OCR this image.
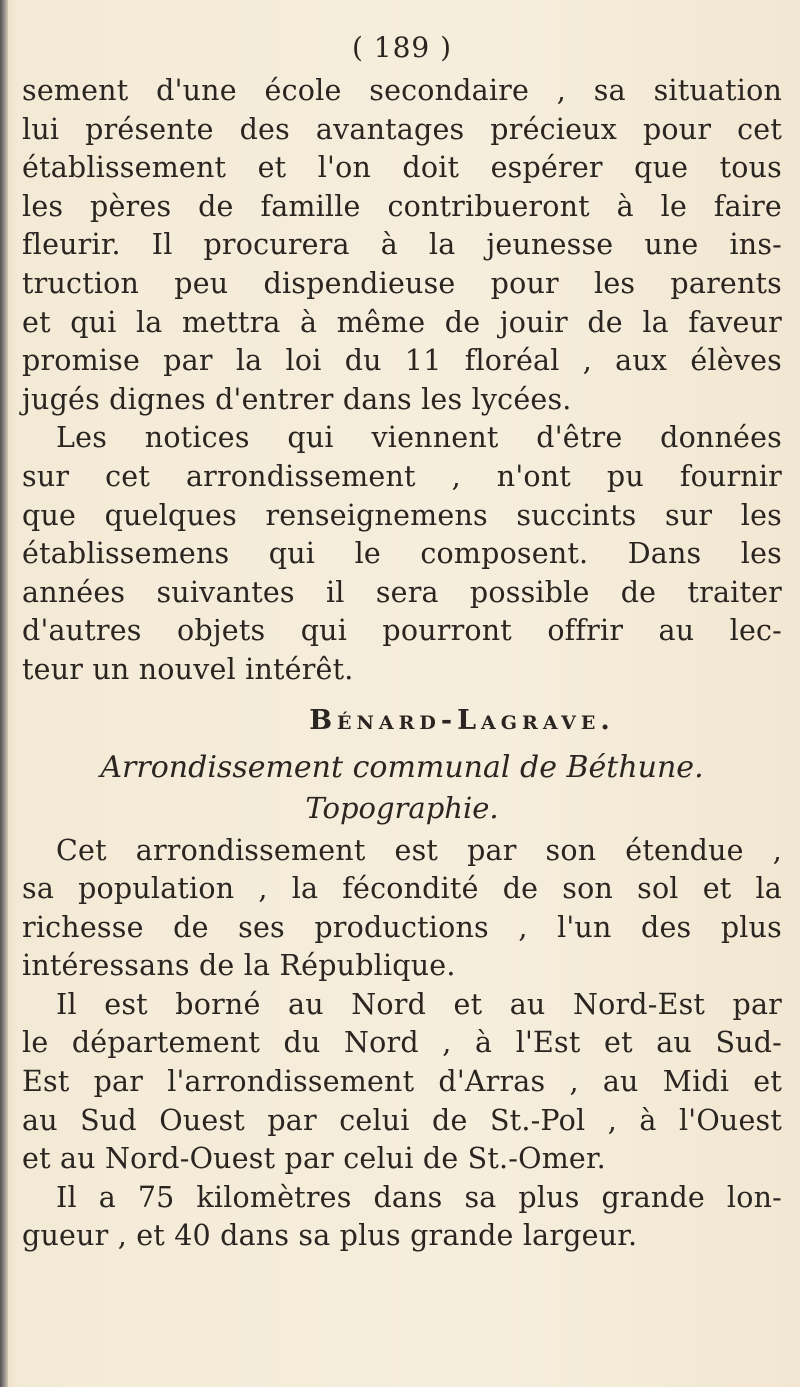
( 189 )
sement d'une école secondaire , sa situation
lui présente des avantages précieux pour cet
établissement et l'on doit espérer que tous
les pères de famille contribueront à le faire
fleurir. Il procurera à la jeunesse une ins-
truction peu dispendieuse pour les parents
et qui la mettra à même de jouir de la faveur
promise par la loi du 11 floréal , aux élèves
jugés dignes d'entrer dans les lycées.
Les notices qui viennent d'être données
sur cet arrondissement , n'ont pu fournir
que quelques renseignemens succints sur les
établissemens qui le composent. Dans les
années suivantes il sera possible de traiter
d'autres objets qui pourront offrir au lec-
teur un nouvel intérêt.
Bénard-Lagrave.
Arrondissement communal de Béthune.
Topographie.
Cet arrondissement est par son étendue ,
sa population , la fécondité de son sol et la
richesse de ses productions , l'un des plus
intéressans de la République.
Il est borné au Nord et au Nord-Est par
le département du Nord , à l'Est et au Sud-
Est par l'arrondissement d'Arras , au Midi et
au Sud Ouest par celui de St.-Pol , à l'Ouest
et au Nord-Ouest par celui de St.-Omer.
Il a 75 kilomètres dans sa plus grande lon-
gueur , et 40 dans sa plus grande largeur.
